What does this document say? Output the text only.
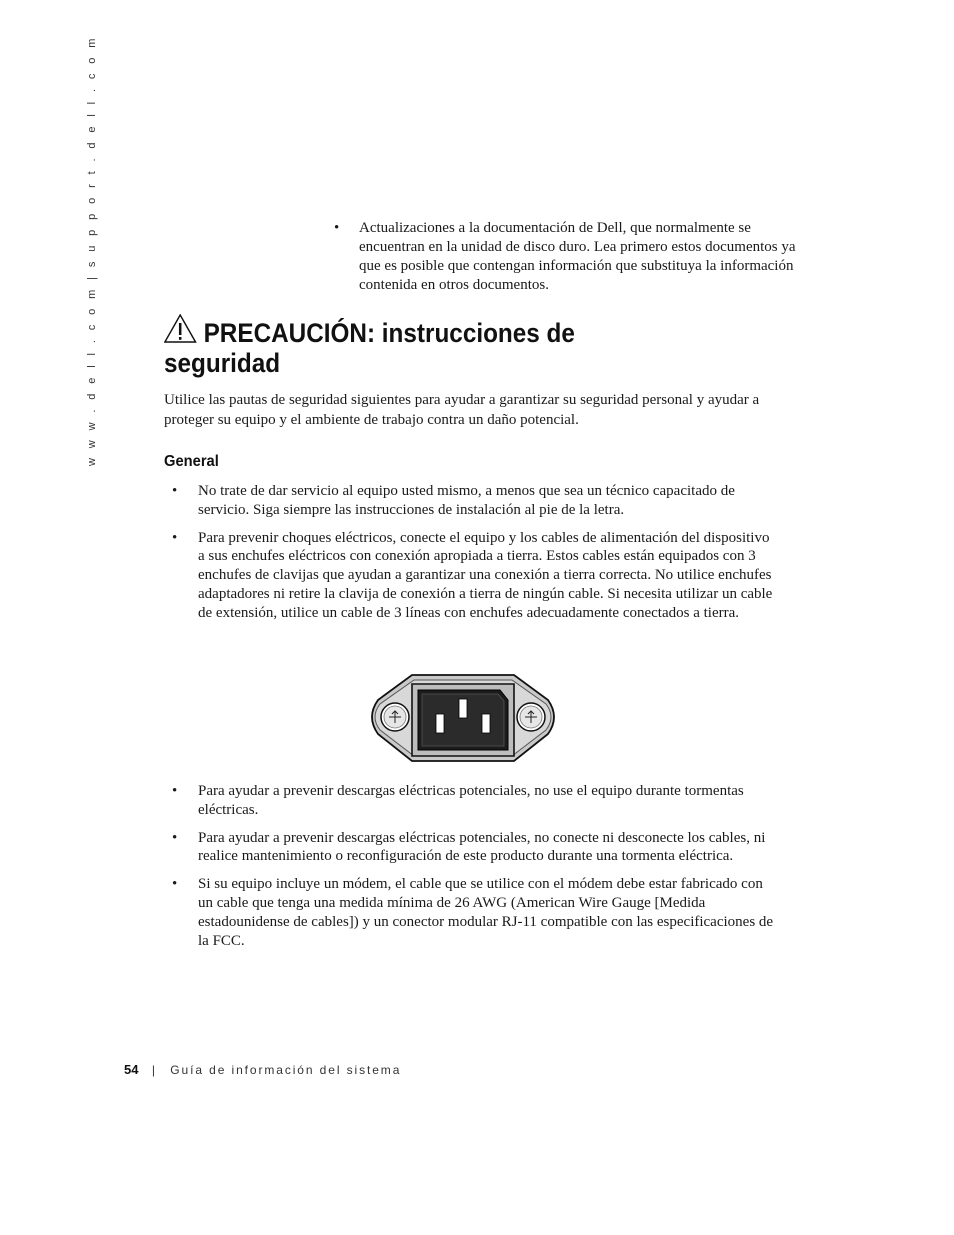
w w w . d e l l . c o m | s u p p o r t . d e l l . c o m	•	Actualizaciones a la documentación de Dell, que normalmente se encuentran en la unidad de disco duro. Lea primero estos documentos ya que es posible que contengan información que substituya la información contenida en otros documentos.
PRECAUCIÓN: instrucciones de
seguridad
Utilice las pautas de seguridad siguientes para ayudar a garantizar su seguridad personal y ayudar a proteger su equipo y el ambiente de trabajo contra un daño potencial.
General
•	No trate de dar servicio al equipo usted mismo, a menos que sea un técnico capacitado de servicio. Siga siempre las instrucciones de instalación al pie de la letra.
•	Para prevenir choques eléctricos, conecte el equipo y los cables de alimentación del dispositivo a sus enchufes eléctricos con conexión apropiada a tierra. Estos cables están equipados con 3 enchufes de clavijas que ayudan a garantizar una conexión a tierra correcta. No utilice enchufes adaptadores ni retire la clavija de conexión a tierra de ningún cable. Si necesita utilizar un cable de extensión, utilice un cable de 3 líneas con enchufes adecuadamente conectados a tierra.
•	Para ayudar a prevenir descargas eléctricas potenciales, no use el equipo durante tormentas eléctricas.
•	Para ayudar a prevenir descargas eléctricas potenciales, no conecte ni desconecte los cables, ni realice mantenimiento o reconfiguración de este producto durante una tormenta eléctrica.
•	Si su equipo incluye un módem, el cable que se utilice con el módem debe estar fabricado con un cable que tenga una medida mínima de 26 AWG (American Wire Gauge [Medida estadounidense de cables]) y un conector modular RJ-11 compatible con las especificaciones de la FCC.
54 | Guía de información del sistema
